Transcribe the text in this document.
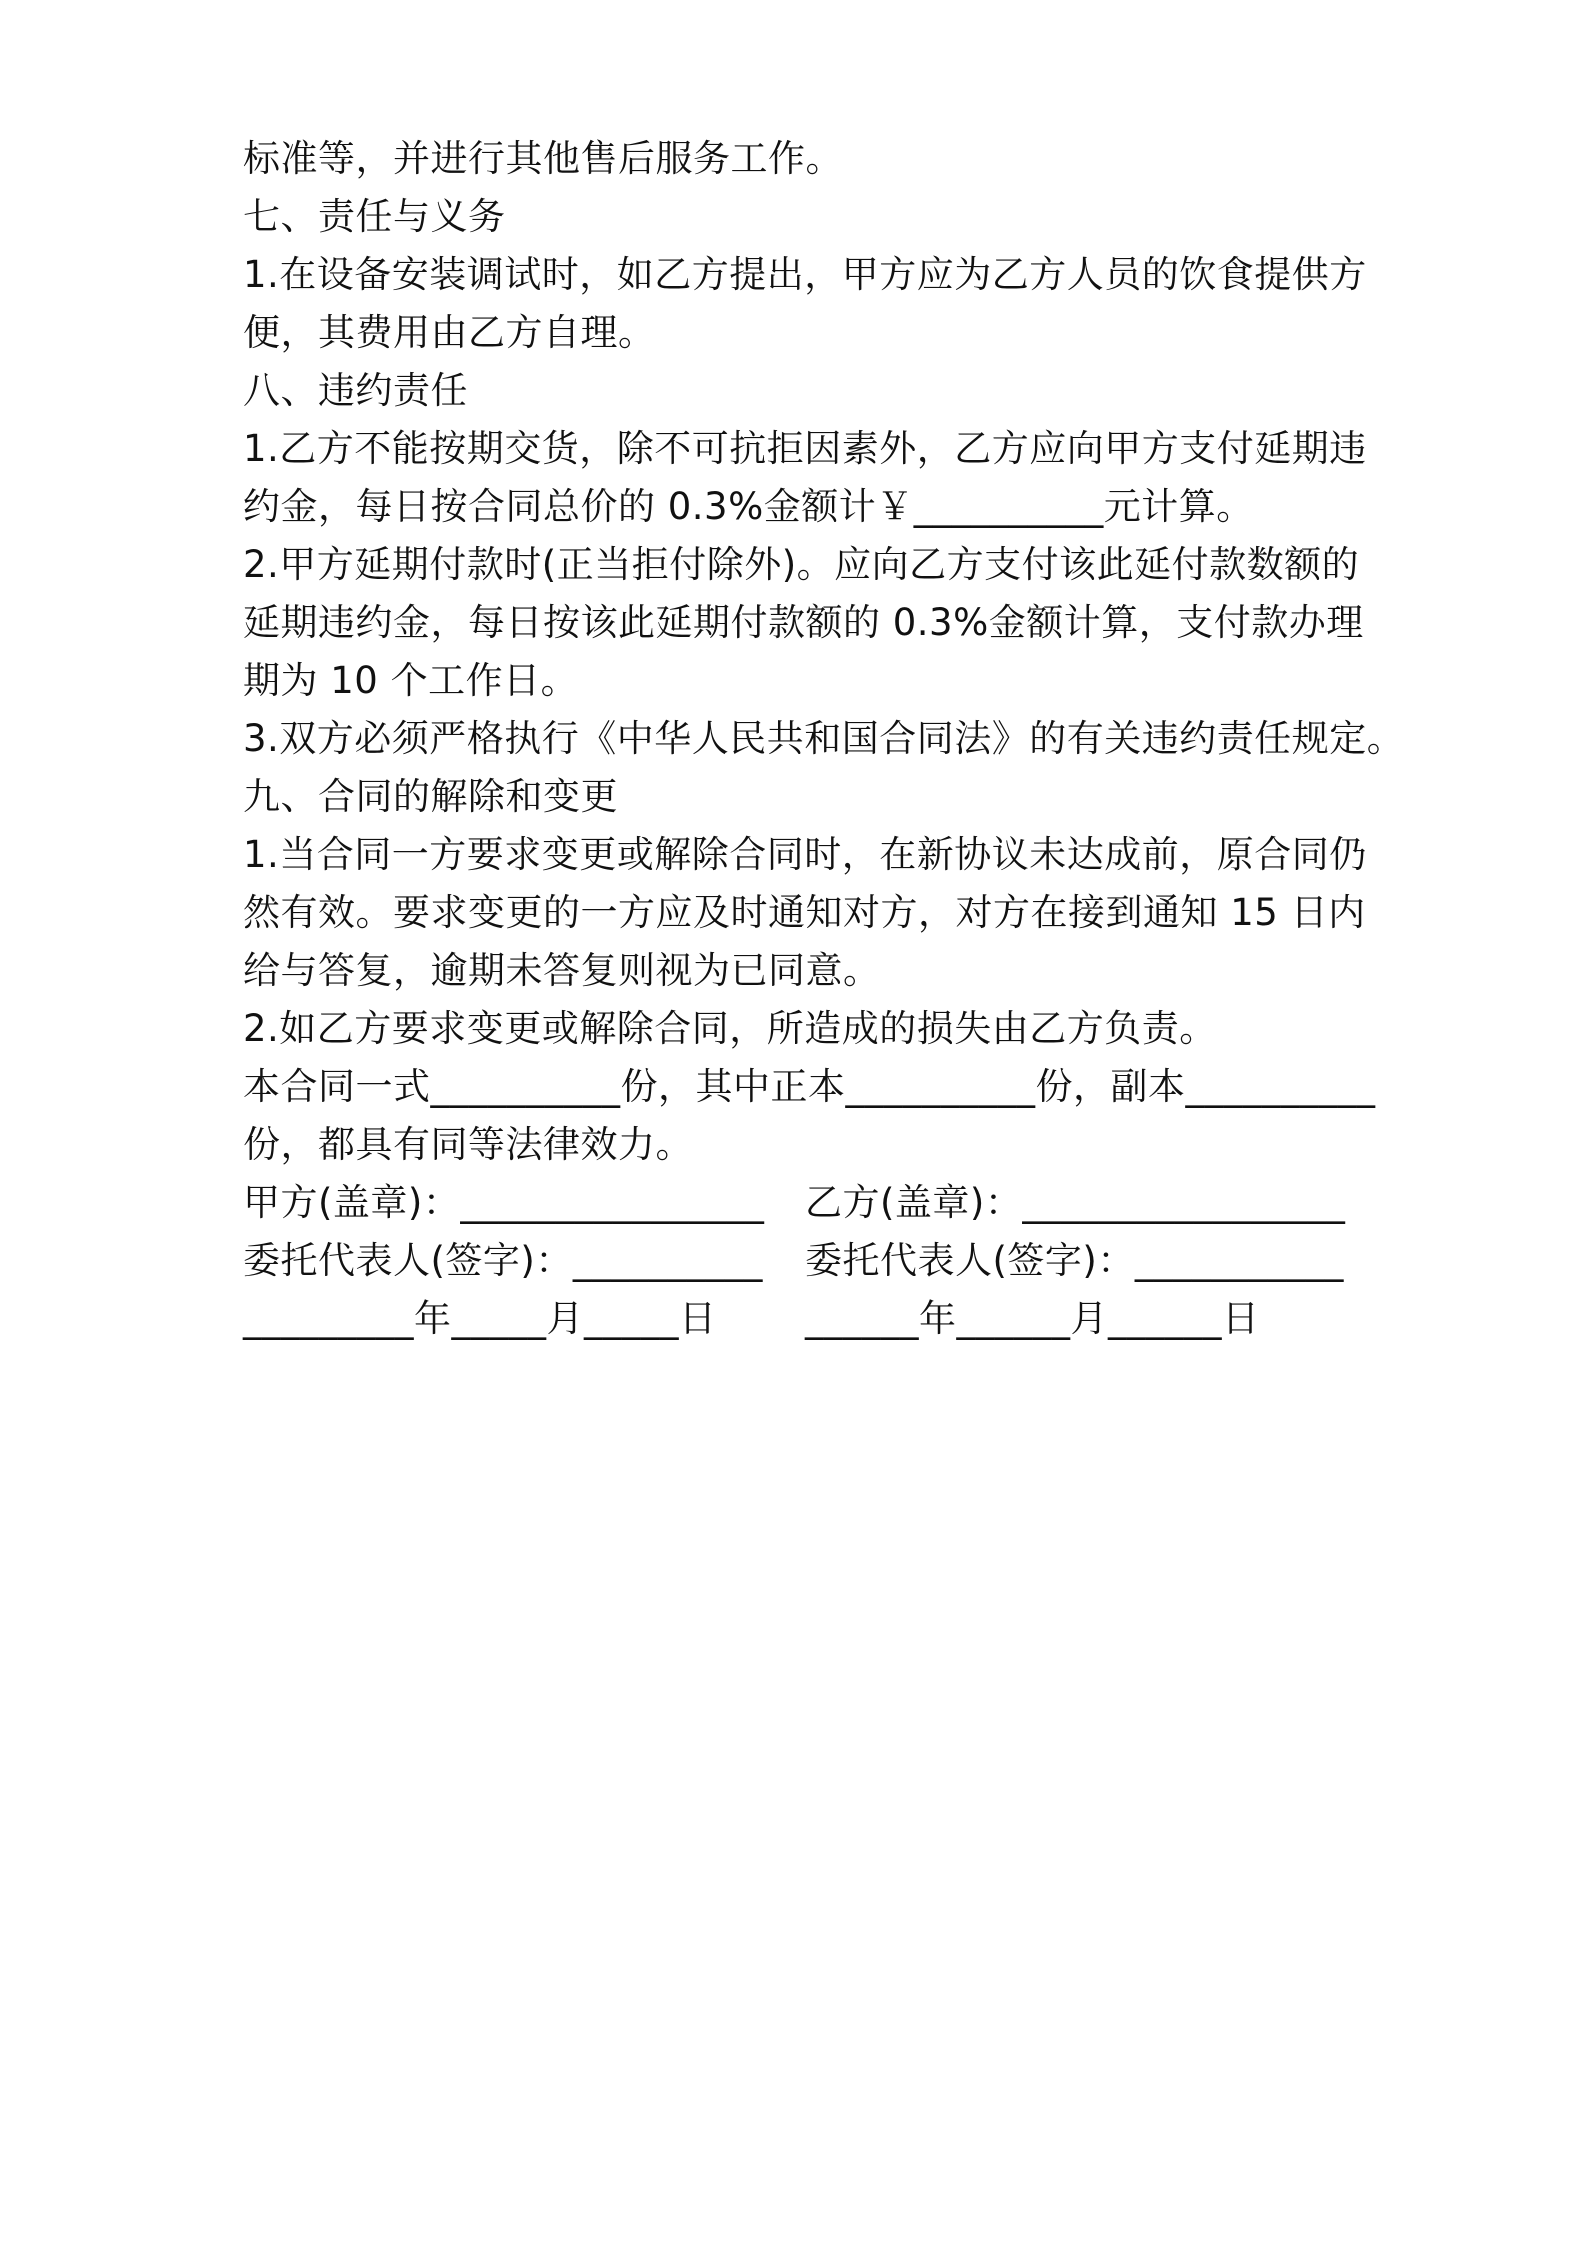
标准等，并进行其他售后服务工作。
七、责任与义务
1.在设备安装调试时，如乙方提出，甲方应为乙方人员的饮食提供方
便，其费用由乙方自理。
八、违约责任
1.乙方不能按期交货，除不可抗拒因素外，乙方应向甲方支付延期违
约金，每日按合同总价的 0.3%金额计￥__________元计算。
2.甲方延期付款时(正当拒付除外)。应向乙方支付该此延付款数额的
延期违约金，每日按该此延期付款额的 0.3%金额计算，支付款办理
期为 10 个工作日。
3.双方必须严格执行《中华人民共和国合同法》的有关违约责任规定。
九、合同的解除和变更
1.当合同一方要求变更或解除合同时，在新协议未达成前，原合同仍
然有效。要求变更的一方应及时通知对方，对方在接到通知 15 日内
给与答复，逾期未答复则视为已同意。
2.如乙方要求变更或解除合同，所造成的损失由乙方负责。
本合同一式__________份，其中正本__________份，副本__________
份，都具有同等法律效力。
甲方(盖章)：________________	乙方(盖章)：_________________
委托代表人(签字)：__________	委托代表人(签字)：___________
_________年_____月_____日	______年______月______日
